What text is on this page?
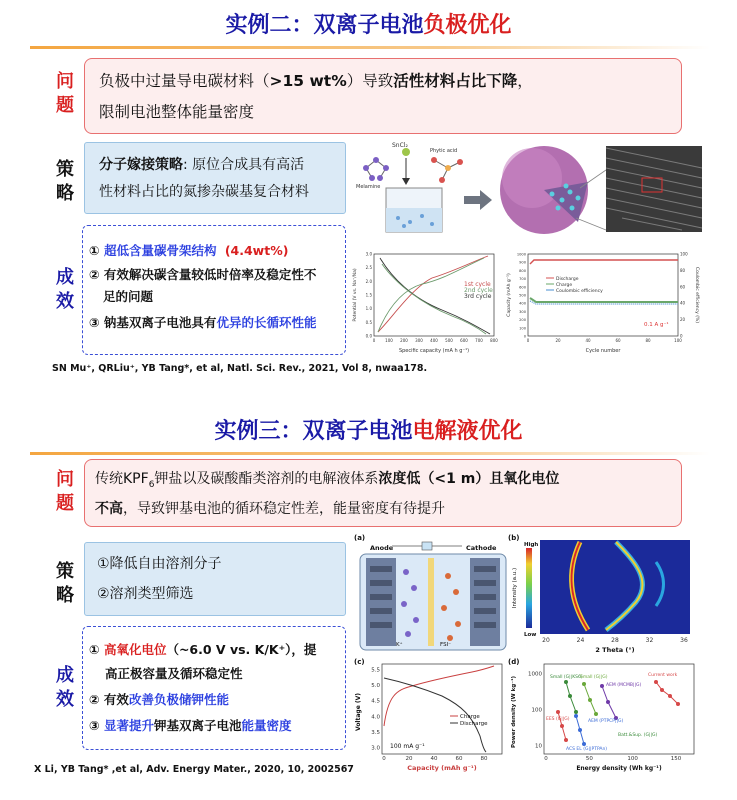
实例二：双离子电池负极优化
问
题
负极中过量导电碳材料（>15 wt%）导致活性材料占比下降，
限制电池整体能量密度
策
略
分子嫁接策略: 原位合成具有高活
性材料占比的氮掺杂碳基复合材料
SnCl₂
Melamine
Phytic acid
成
效
① 超低含量碳骨架结构 (4.4wt%)
② 有效解决碳含量较低时倍率及稳定性不
足的问题
③ 钠基双离子电池具有优异的长循环性能
0.0
0.5
1.0
1.5
2.0
2.5
3.0
0 100 200 300 400 500 600 700 800
1st cycle
2nd cycle
3rd cycle
Specific capacity (mA h g⁻¹)
Potential (V vs. Na⁺/Na)
0
100
200
300
400
500
600
700
800
900
1000
0	20	40	60	80	100
0
20
40
60
80
100
Discharge
Charge
Coulombic efficiency
0.1 A g⁻¹
Cycle number
Capacity (mAh g⁻¹)	Coulombic efficiency (%)
SN Mu⁺, QRLiu⁺, YB Tang*, et al, Natl. Sci. Rev., 2021, Vol 8, nwaa178.
实例三：双离子电池电解液优化
问
题
传统$KPF_6$钾盐以及碳酸酯类溶剂的电解液体系浓度低（<1 m）且氧化电位
不高，导致钾基电池的循环稳定性差，能量密度有待提升
策
略
①降低自由溶剂分子
②溶剂类型筛选
成
效
① 高氧化电位（~6.0 V vs. K/K⁺），提
高正极容量及循环稳定性
② 有效改善负极储钾性能
③ 显著提升钾基双离子电池能量密度
(a)
Anode	Cathode
K⁺	FSI⁻
(b)
High
Low
Intensity (a.u.)
20	24	28	32	36
2 Theta (°)
(c)
3.0
3.5
4.0
4.5
5.0
5.5
0	20	40	60	80
Charge
Discharge
100 mA g⁻¹
Capacity (mAh g⁻¹)
Voltage (V)
(d)
10
100
1000
0	50	100	150
Small (G||KS6)
Small (G||G)
AEM (MCMB||G)
Current work
EES (G||G)	AEM (PTPCP||G)
ACS EL (G||PTPAn)
Batt.&Sup. (G||G)
Energy density (Wh kg⁻¹)
Power density (W kg⁻¹)
X Li, YB Tang* ,et al, Adv. Energy Mater., 2020, 10, 2002567
